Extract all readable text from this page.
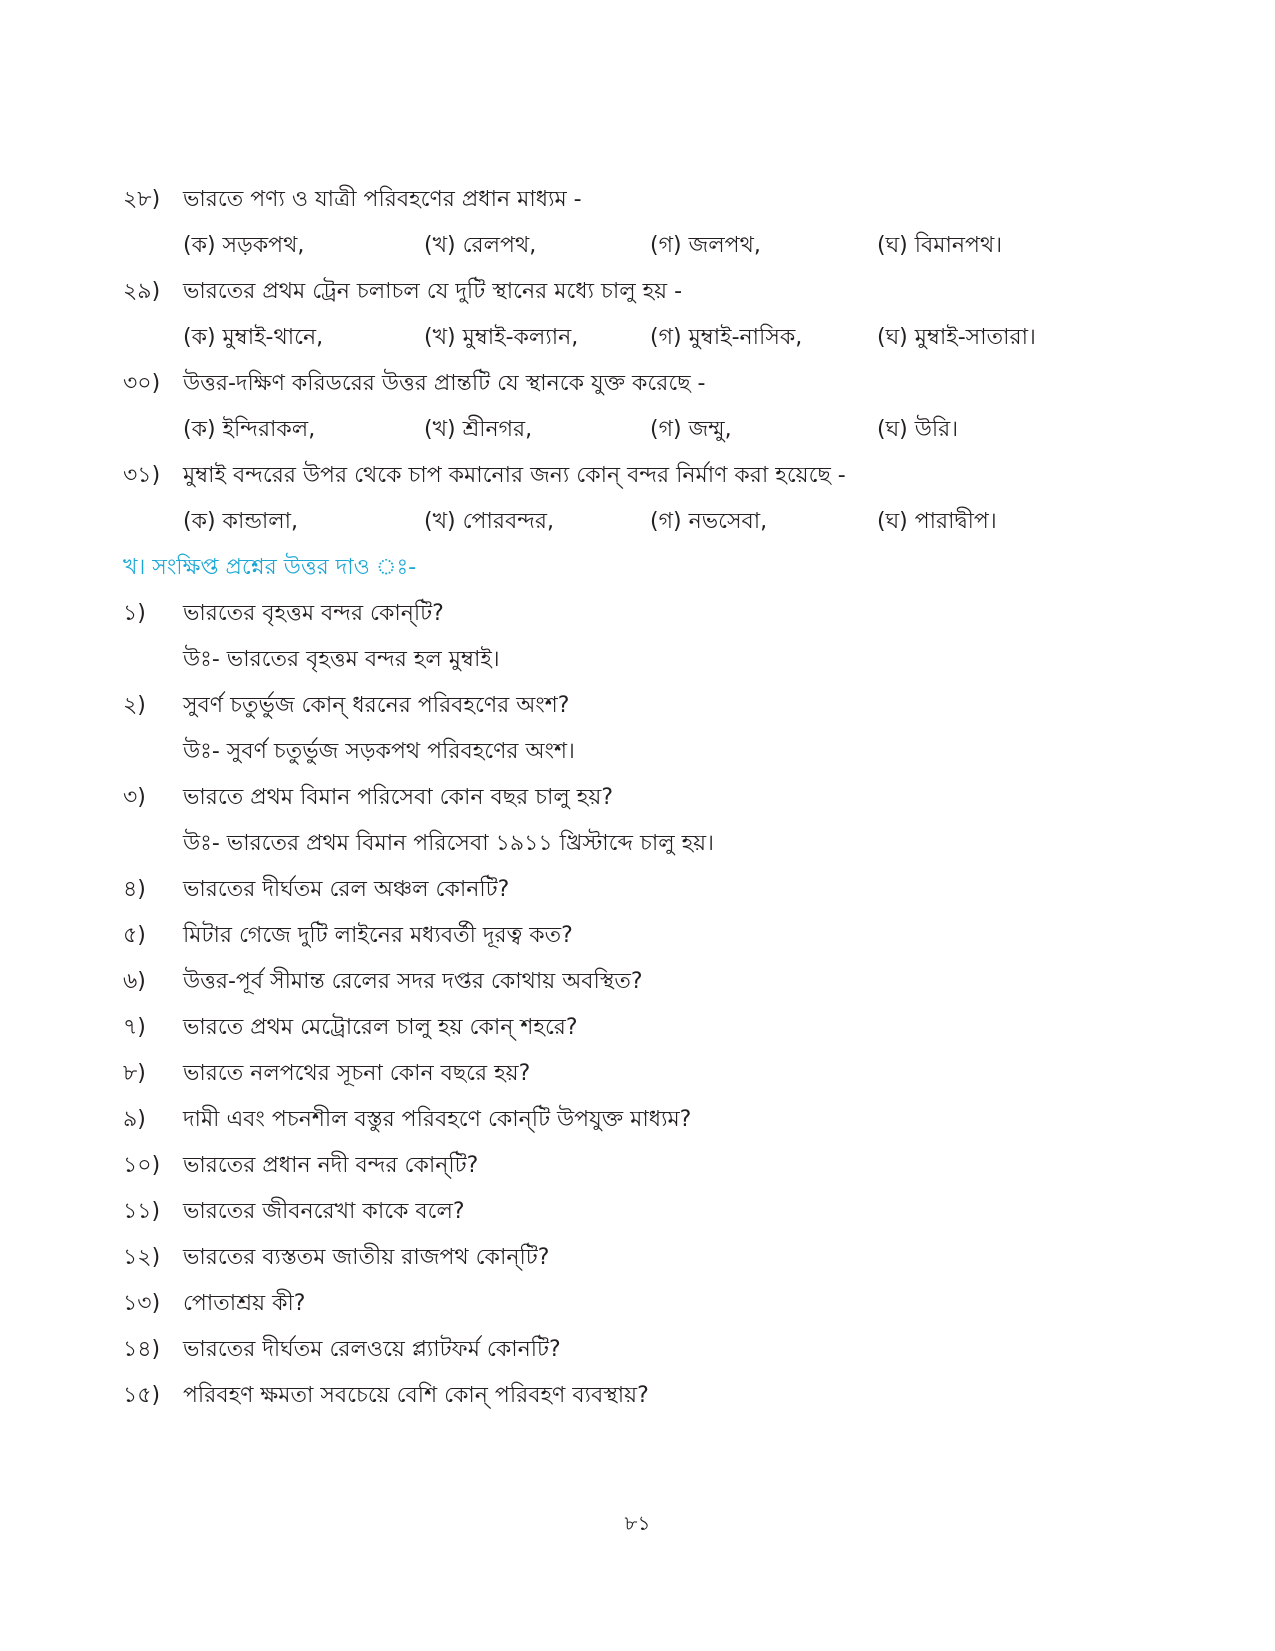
২৮) ভারতে পণ্য ও যাত্রী পরিবহণের প্রধান মাধ্যম -
(ক) সড়কপথ,	(খ) রেলপথ,	(গ) জলপথ,	(ঘ) বিমানপথ।
২৯) ভারতের প্রথম ট্রেন চলাচল যে দুটি স্থানের মধ্যে চালু হয় -
(ক) মুম্বাই-থানে,	(খ) মুম্বাই-কল্যান,	(গ) মুম্বাই-নাসিক,	(ঘ) মুম্বাই-সাতারা।
৩০) উত্তর-দক্ষিণ করিডরের উত্তর প্রান্তটি যে স্থানকে যুক্ত করেছে -
(ক) ইন্দিরাকল,	(খ) শ্রীনগর,	(গ) জম্মু,	(ঘ) উরি।
৩১) মুম্বাই বন্দরের উপর থেকে চাপ কমানোর জন্য কোন্ বন্দর নির্মাণ করা হয়েছে -
(ক) কান্ডালা,	(খ) পোরবন্দর,	(গ) নভসেবা,	(ঘ) পারাদ্বীপ।
খ। সংক্ষিপ্ত প্রশ্নের উত্তর দাও ঃ-
১) ভারতের বৃহত্তম বন্দর কোন্‌টি?
উঃ- ভারতের বৃহত্তম বন্দর হল মুম্বাই।
২) সুবর্ণ চতুর্ভুজ কোন্ ধরনের পরিবহণের অংশ?
উঃ- সুবর্ণ চতুর্ভুজ সড়কপথ পরিবহণের অংশ।
৩) ভারতে প্রথম বিমান পরিসেবা কোন বছর চালু হয়?
উঃ- ভারতের প্রথম বিমান পরিসেবা ১৯১১ খ্রিস্টাব্দে চালু হয়।
৪) ভারতের দীর্ঘতম রেল অঞ্চল কোনটি?
৫) মিটার গেজে দুটি লাইনের মধ্যবর্তী দূরত্ব কত?
৬) উত্তর-পূর্ব সীমান্ত রেলের সদর দপ্তর কোথায় অবস্থিত?
৭) ভারতে প্রথম মেট্রোরেল চালু হয় কোন্ শহরে?
৮) ভারতে নলপথের সূচনা কোন বছরে হয়?
৯) দামী এবং পচনশীল বস্তুর পরিবহণে কোন্‌টি উপযুক্ত মাধ্যম?
১০) ভারতের প্রধান নদী বন্দর কোন্‌টি?
১১) ভারতের জীবনরেখা কাকে বলে?
১২) ভারতের ব্যস্ততম জাতীয় রাজপথ কোন্‌টি?
১৩) পোতাশ্রয় কী?
১৪) ভারতের দীর্ঘতম রেলওয়ে প্ল্যাটফর্ম কোনটি?
১৫) পরিবহণ ক্ষমতা সবচেয়ে বেশি কোন্ পরিবহণ ব্যবস্থায়?
৮১
